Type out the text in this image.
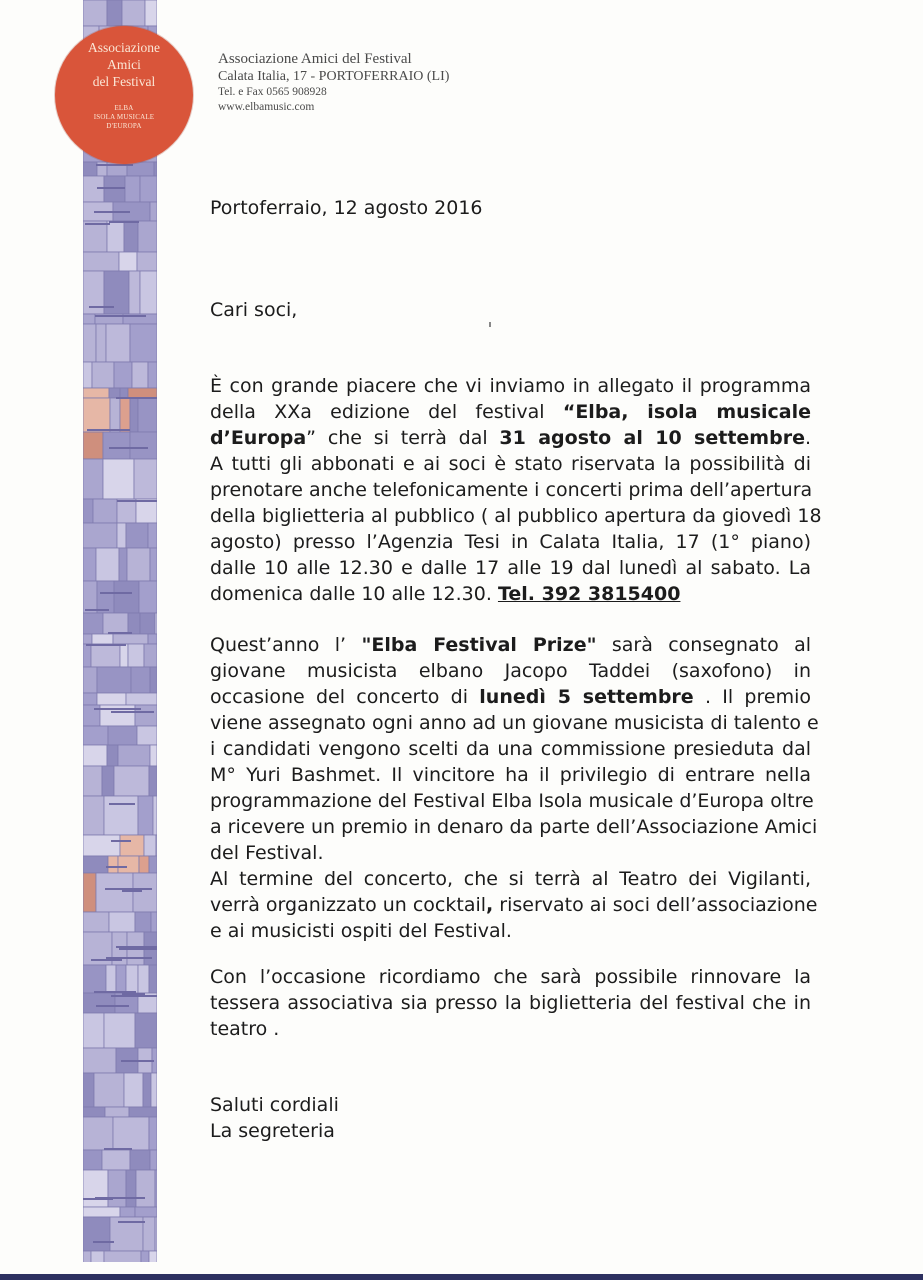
Associazione
Amici
del Festival
ELBA
ISOLA MUSICALE
D'EUROPA
Associazione Amici del Festival
Calata Italia, 17 - PORTOFERRAIO (LI)
Tel. e Fax 0565 908928
www.elbamusic.com
Portoferraio, 12 agosto 2016
Cari soci,
È con grande piacere che vi inviamo in allegato il programma
della XXa edizione del festival “Elba, isola musicale
d’Europa” che si terrà dal 31 agosto al 10 settembre.
A tutti gli abbonati e ai soci è stato riservata la possibilità di
prenotare anche telefonicamente i concerti prima dell’apertura
della biglietteria al pubblico ( al pubblico apertura da giovedì 18
agosto) presso l’Agenzia Tesi in Calata Italia, 17 (1° piano)
dalle 10 alle 12.30 e dalle 17 alle 19 dal lunedì al sabato. La
domenica dalle 10 alle 12.30. Tel. 392 3815400
Quest’anno l’ "Elba Festival Prize" sarà consegnato al
giovane musicista elbano Jacopo Taddei (saxofono) in
occasione del concerto di lunedì 5 settembre . Il premio
viene assegnato ogni anno ad un giovane musicista di talento e
i candidati vengono scelti da una commissione presieduta dal
M° Yuri Bashmet. Il vincitore ha il privilegio di entrare nella
programmazione del Festival Elba Isola musicale d’Europa oltre
a ricevere un premio in denaro da parte dell’Associazione Amici
del Festival.
Al termine del concerto, che si terrà al Teatro dei Vigilanti,
verrà organizzato un cocktail, riservato ai soci dell’associazione
e ai musicisti ospiti del Festival.
Con l’occasione ricordiamo che sarà possibile rinnovare la
tessera associativa sia presso la biglietteria del festival che in
teatro .
Saluti cordiali
La segreteria
